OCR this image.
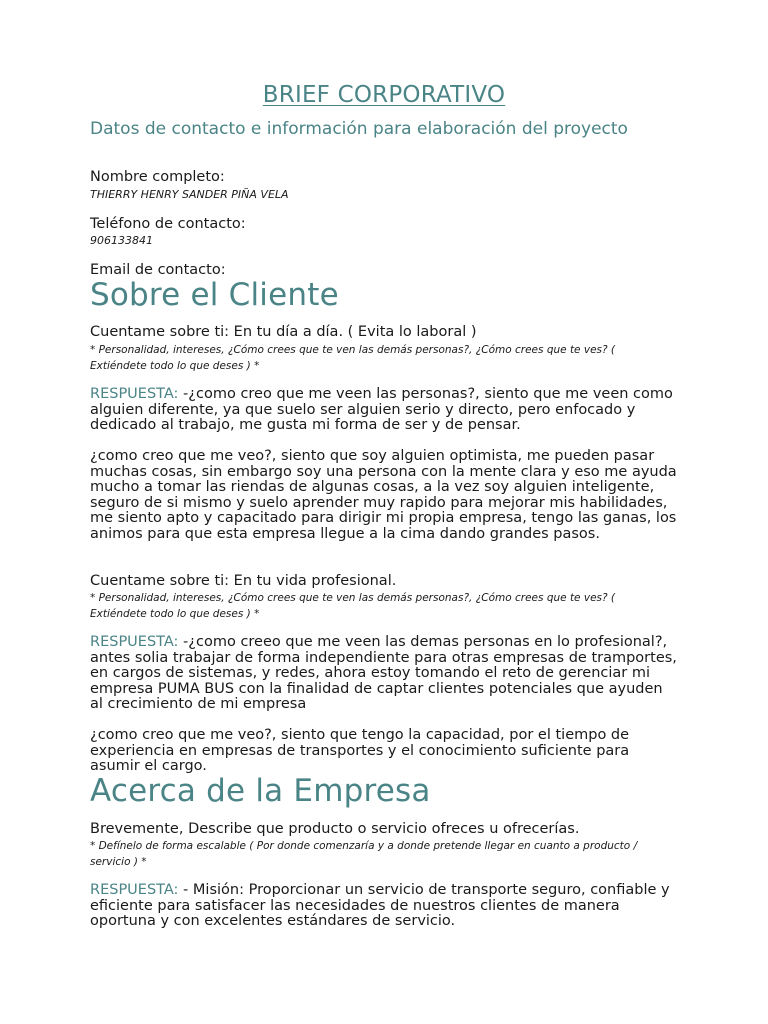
BRIEF CORPORATIVO
Datos de contacto e información para elaboración del proyecto
Nombre completo:
THIERRY HENRY SANDER PIÑA VELA
Teléfono de contacto:
906133841
Email de contacto:
Sobre el Cliente
Cuentame sobre ti: En tu día a día. ( Evita lo laboral )
* Personalidad, intereses, ¿Cómo crees que te ven las demás personas?, ¿Cómo crees que te ves? ( Extiéndete todo lo que deses ) *
RESPUESTA: -¿como creo que me veen las personas?, siento que me veen como alguien diferente, ya que suelo ser alguien serio y directo, pero enfocado y dedicado al trabajo, me gusta mi forma de ser y de pensar.
¿como creo que me veo?, siento que soy alguien optimista, me pueden pasar muchas cosas, sin embargo soy una persona con la mente clara y eso me ayuda mucho a tomar las riendas de algunas cosas, a la vez soy alguien inteligente, seguro de si mismo y suelo aprender muy rapido para mejorar mis habilidades, me siento apto y capacitado para dirigir mi propia empresa, tengo las ganas, los animos para que esta empresa llegue a la cima dando grandes pasos.
Cuentame sobre ti: En tu vida profesional.
* Personalidad, intereses, ¿Cómo crees que te ven las demás personas?, ¿Cómo crees que te ves? ( Extiéndete todo lo que deses ) *
RESPUESTA: -¿como creeo que me veen las demas personas en lo profesional?, antes solia trabajar de forma independiente para otras empresas de tramportes, en cargos de sistemas, y redes, ahora estoy tomando el reto de gerenciar mi empresa PUMA BUS con la finalidad de captar clientes potenciales que ayuden al crecimiento de mi empresa
¿como creo que me veo?, siento que tengo la capacidad, por el tiempo de experiencia en empresas de transportes y el conocimiento suficiente para asumir el cargo.
Acerca de la Empresa
Brevemente, Describe que producto o servicio ofreces u ofrecerías.
* Defínelo de forma escalable ( Por donde comenzaría y a donde pretende llegar en cuanto a producto / servicio ) *
RESPUESTA: - Misión: Proporcionar un servicio de transporte seguro, confiable y eficiente para satisfacer las necesidades de nuestros clientes de manera oportuna y con excelentes estándares de servicio.
